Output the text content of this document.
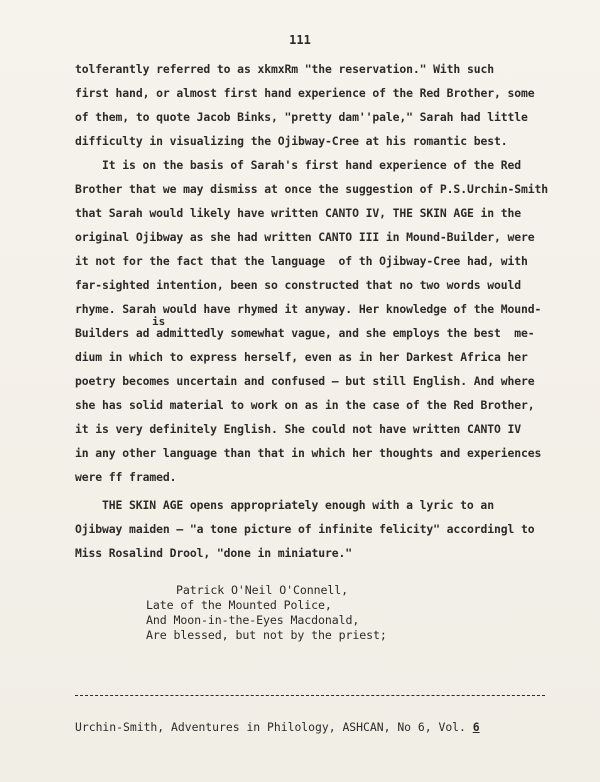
111
tolferantly referred to as xkmxRm "the reservation." With such
first hand, or almost first hand experience of the Red Brother, some
of them, to quote Jacob Binks, "pretty dam''pale," Sarah had little
difficulty in visualizing the Ojibway-Cree at his romantic best.
It is on the basis of Sarah's first hand experience of the Red
Brother that we may dismiss at once the suggestion of P.S.Urchin-Smith
that Sarah would likely have written CANTO IV, THE SKIN AGE in the
original Ojibway as she had written CANTO III in Mound-Builder, were
it not for the fact that the language  of th Ojibway-Cree had, with
far-sighted intention, been so constructed that no two words would
rhyme. Sarah would have rhymed it anyway. Her knowledge of the Mound-
is
Builders ad admittedly somewhat vague, and she employs the best  me-
dium in which to express herself, even as in her Darkest Africa her
poetry becomes uncertain and confused — but still English. And where
she has solid material to work on as in the case of the Red Brother,
it is very definitely English. She could not have written CANTO IV
in any other language than that in which her thoughts and experiences
were ff framed.
THE SKIN AGE opens appropriately enough with a lyric to an
Ojibway maiden — "a tone picture of infinite felicity" accordingl to
Miss Rosalind Drool, "done in miniature."
Patrick O'Neil O'Connell,
Late of the Mounted Police,
And Moon-in-the-Eyes Macdonald,
Are blessed, but not by the priest;
Urchin-Smith, Adventures in Philology, ASHCAN, No 6, Vol. 6
